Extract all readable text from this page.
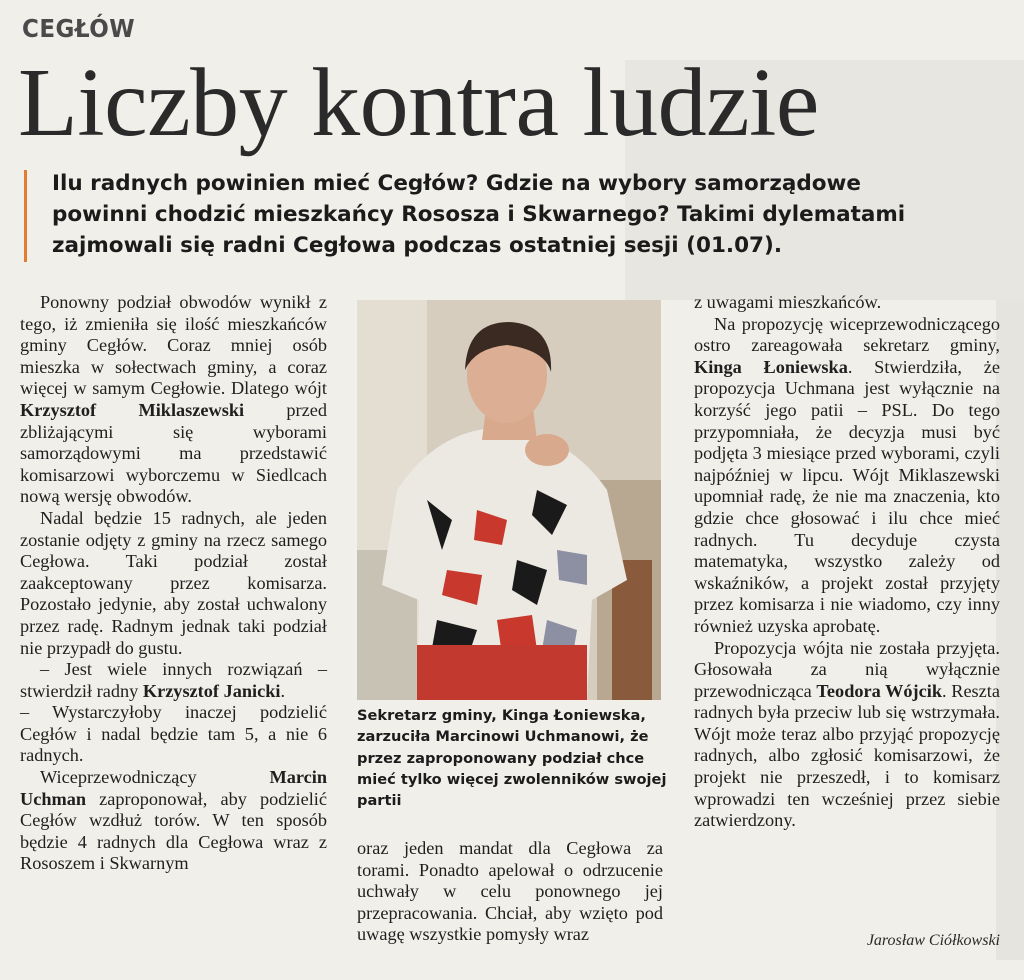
CEGŁÓW
Liczby kontra ludzie
Ilu radnych powinien mieć Cegłów? Gdzie na wybory samorządowe powinni chodzić mieszkańcy Rososza i Skwarnego? Takimi dylematami zajmowali się radni Cegłowa podczas ostatniej sesji (01.07).

Ponowny podział obwodów wynikł z tego, iż zmieniła się ilość mieszkańców gminy Cegłów. Coraz mniej osób mieszka w sołectwach gminy, a coraz więcej w samym Cegłowie. Dlatego wójt Krzysztof Miklaszewski przed zbliżającymi się wyborami samorządowymi ma przedstawić komisarzowi wyborczemu w Siedlcach nową wersję obwodów.

Nadal będzie 15 radnych, ale jeden zostanie odjęty z gminy na rzecz samego Cegłowa. Taki podział został zaakceptowany przez komisarza. Pozostało jedynie, aby został uchwalony przez radę. Radnym jednak taki podział nie przypadł do gustu.

– Jest wiele innych rozwiązań – stwierdził radny Krzysztof Janicki.

– Wystarczyłoby inaczej podzielić Cegłów i nadal będzie tam 5, a nie 6 radnych.

Wiceprzewodniczący Marcin Uchman zaproponował, aby podzielić Cegłów wzdłuż torów. W ten sposób będzie 4 radnych dla Cegłowa wraz z Rososzem i Skwarnym

Sekretarz gminy, Kinga Łoniewska, zarzuciła Marcinowi Uchmanowi, że przez zaproponowany podział chce mieć tylko więcej zwolenników swojej partii

oraz jeden mandat dla Cegłowa za torami. Ponadto apelował o odrzucenie uchwały w celu ponownego jej przepracowania. Chciał, aby wzięto pod uwagę wszystkie pomysły wraz

z uwagami mieszkańców.

Na propozycję wiceprzewodniczącego ostro zareagowała sekretarz gminy, Kinga Łoniewska. Stwierdziła, że propozycja Uchmana jest wyłącznie na korzyść jego patii – PSL. Do tego przypomniała, że decyzja musi być podjęta 3 miesiące przed wyborami, czyli najpóźniej w lipcu. Wójt Miklaszewski upomniał radę, że nie ma znaczenia, kto gdzie chce głosować i ilu chce mieć radnych. Tu decyduje czysta matematyka, wszystko zależy od wskaźników, a projekt został przyjęty przez komisarza i nie wiadomo, czy inny również uzyska aprobatę.

Propozycja wójta nie została przyjęta. Głosowała za nią wyłącznie przewodnicząca Teodora Wójcik. Reszta radnych była przeciw lub się wstrzymała. Wójt może teraz albo przyjąć propozycję radnych, albo zgłosić komisarzowi, że projekt nie przeszedł, i to komisarz wprowadzi ten wcześniej przez siebie zatwierdzony.

Jarosław Ciółkowski
